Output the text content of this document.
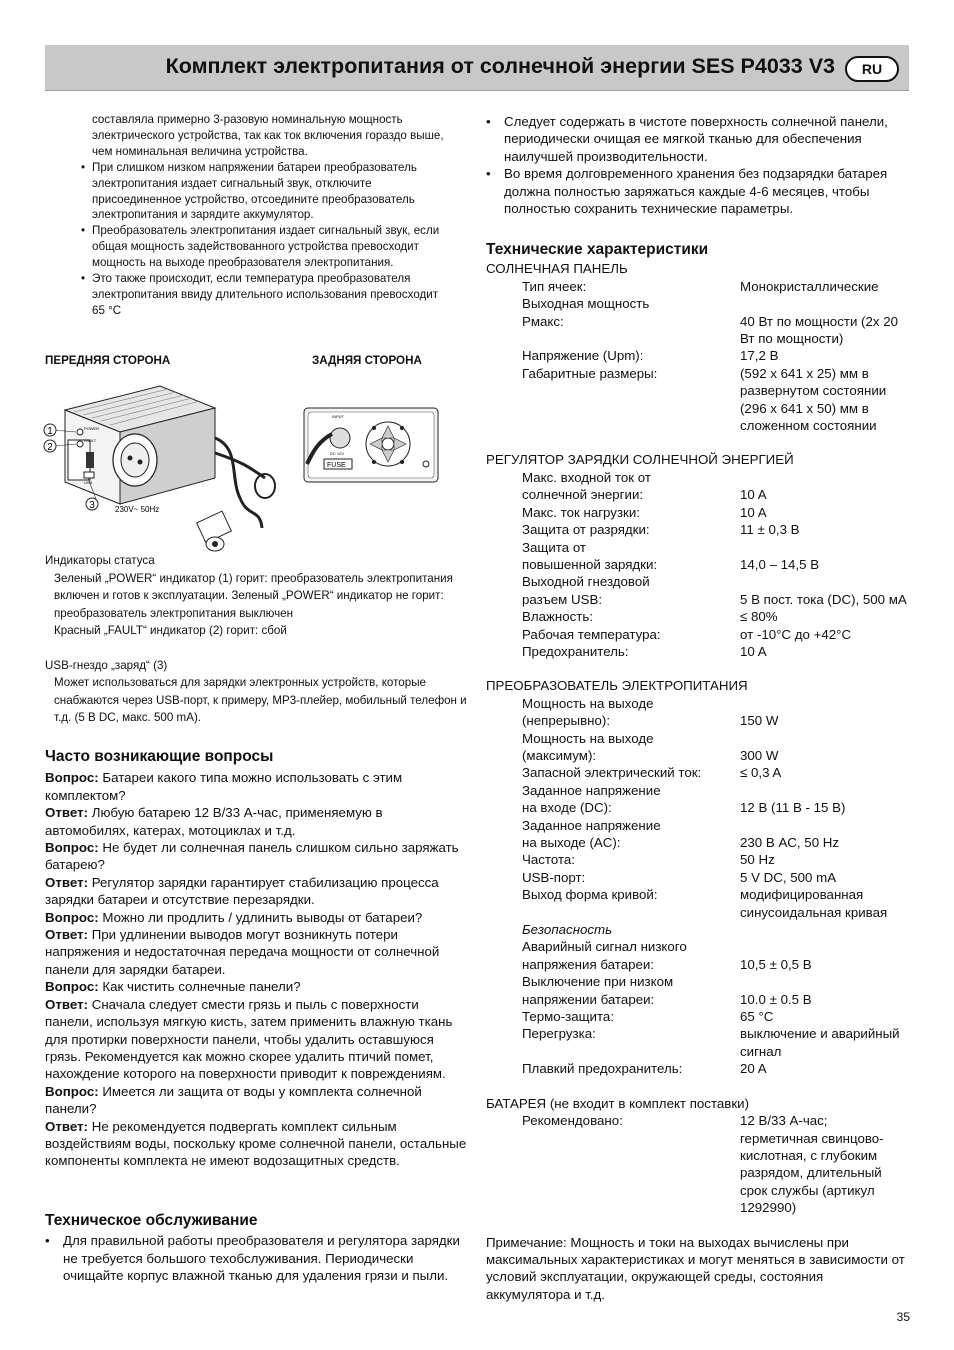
Комплект электропитания от солнечной энергии SES P4033 V3	RU
составляла примерно 3-разовую номинальную мощность электрического устройства, так как ток включения гораздо выше, чем номинальная величина устройства.
• При слишком низком напряжении батареи преобразователь электропитания издает сигнальный звук, отключите присоединенное устройство, отсоедините преобразователь электропитания и зарядите аккумулятор.
• Преобразователь электропитания издает сигнальный звук, если общая мощность задействованного устройства превосходит мощность на выходе преобразователя электропитания.
• Это также происходит, если температура преобразователя электропитания ввиду длительного использования превосходит 65 °C
ПЕРЕДНЯЯ СТОРОНА	ЗАДНЯЯ СТОРОНА
1
2
3
POWER
FAULT
USB
230V~ 50Hz
INPUT
DC 12V
FUSE
Индикаторы статуса
Зеленый „POWER“ индикатор (1) горит: преобразователь электропитания включен и готов к эксплуатации. Зеленый „POWER“ индикатор не горит: преобразователь электропитания выключен
Красный „FAULT“ индикатор (2) горит: сбой
USB-гнездо „заряд“ (3)
Может использоваться для зарядки электронных устройств, которые снабжаются через USB-порт, к примеру, MP3-плейер, мобильный телефон и т.д. (5 В DC, макс. 500 mA).
Часто возникающие вопросы
Вопрос: Батареи какого типа можно использовать с этим комплектом?
Ответ: Любую батарею 12 В/33 А-час, применяемую в автомобилях, катерах, мотоциклах и т.д.
Вопрос: Не будет ли солнечная панель слишком сильно заряжать батарею?
Ответ: Регулятор зарядки гарантирует стабилизацию процесса зарядки батареи и отсутствие перезарядки.
Вопрос: Можно ли продлить / удлинить выводы от батареи?
Ответ: При удлинении выводов могут возникнуть потери напряжения и недостаточная передача мощности от солнечной панели для зарядки батареи.
Вопрос: Как чистить солнечные панели?
Ответ: Сначала следует смести грязь и пыль с поверхности панели, используя мягкую кисть, затем применить влажную ткань для протирки поверхности панели, чтобы удалить оставшуюся грязь. Рекомендуется как можно скорее удалить птичий помет, нахождение которого на поверхности приводит к повреждениям.
Вопрос: Имеется ли защита от воды у комплекта солнечной панели?
Ответ: Не рекомендуется подвергать комплект сильным воздействиям воды, поскольку кроме солнечной панели, остальные компоненты комплекта не имеют водозащитных средств.
Техническое обслуживание
• Для правильной работы преобразователя и регулятора зарядки не требуется большого техобслуживания. Периодически очищайте корпус влажной тканью для удаления грязи и пыли.
• Следует содержать в чистоте поверхность солнечной панели, периодически очищая ее мягкой тканью для обеспечения наилучшей производительности.
• Во время долговременного хранения без подзарядки батарея должна полностью заряжаться каждые 4-6 месяцев, чтобы полностью сохранить технические параметры.
Технические характеристики
СОЛНЕЧНАЯ ПАНЕЛЬ
Тип ячеек:	Монокристаллические
Выходная мощность
Рмакс:	40 Вт по мощности (2x 20 Вт по мощности)
Напряжение (Upm):	17,2 В
Габаритные размеры:	(592 x 641 x 25) мм в развернутом состоянии (296 x 641 x 50) мм в сложенном состоянии
РЕГУЛЯТОР ЗАРЯДКИ СОЛНЕЧНОЙ ЭНЕРГИЕЙ
Макс. входной ток от
солнечной энергии:	10 A
Макс. ток нагрузки:	10 A
Защита от разрядки:	11 ± 0,3 В
Защита от
повышенной зарядки:	14,0 – 14,5 В
Выходной гнездовой
разъем USB:	5 В пост. тока (DC), 500 мА
Влажность:	≤ 80%
Рабочая температура:	от -10°C до +42°C
Предохранитель:	10 A
ПРЕОБРАЗОВАТЕЛЬ ЭЛЕКТРОПИТАНИЯ
Мощность на выходе
(непрерывно):	150 W
Мощность на выходе
(максимум):	300 W
Запасной электрический ток:	≤ 0,3 A
Заданное напряжение
на входе (DC):	12 В (11 В - 15 В)
Заданное напряжение
на выходе (AC):	230 В AC, 50 Hz
Частота:	50 Hz
USB-порт:	5 V DC, 500 mA
Выход форма кривой:	модифицированная синусоидальная кривая
Безопасность
Аварийный сигнал низкого
напряжения батареи:	10,5 ± 0,5 В
Выключение при низком
напряжении батареи:	10.0 ± 0.5 В
Термо-защита:	65 °C
Перегрузка:	выключение и аварийный сигнал
Плавкий предохранитель:	20 A
БАТАРЕЯ (не входит в комплект поставки)
Рекомендовано:	12 В/33 А-час; герметичная свинцово-кислотная, с глубоким разрядом, длительный срок службы (артикул 1292990)
Примечание: Мощность и токи на выходах вычислены при максимальных характеристиках и могут меняться в зависимости от условий эксплуатации, окружающей среды, состояния аккумулятора и т.д.
35
